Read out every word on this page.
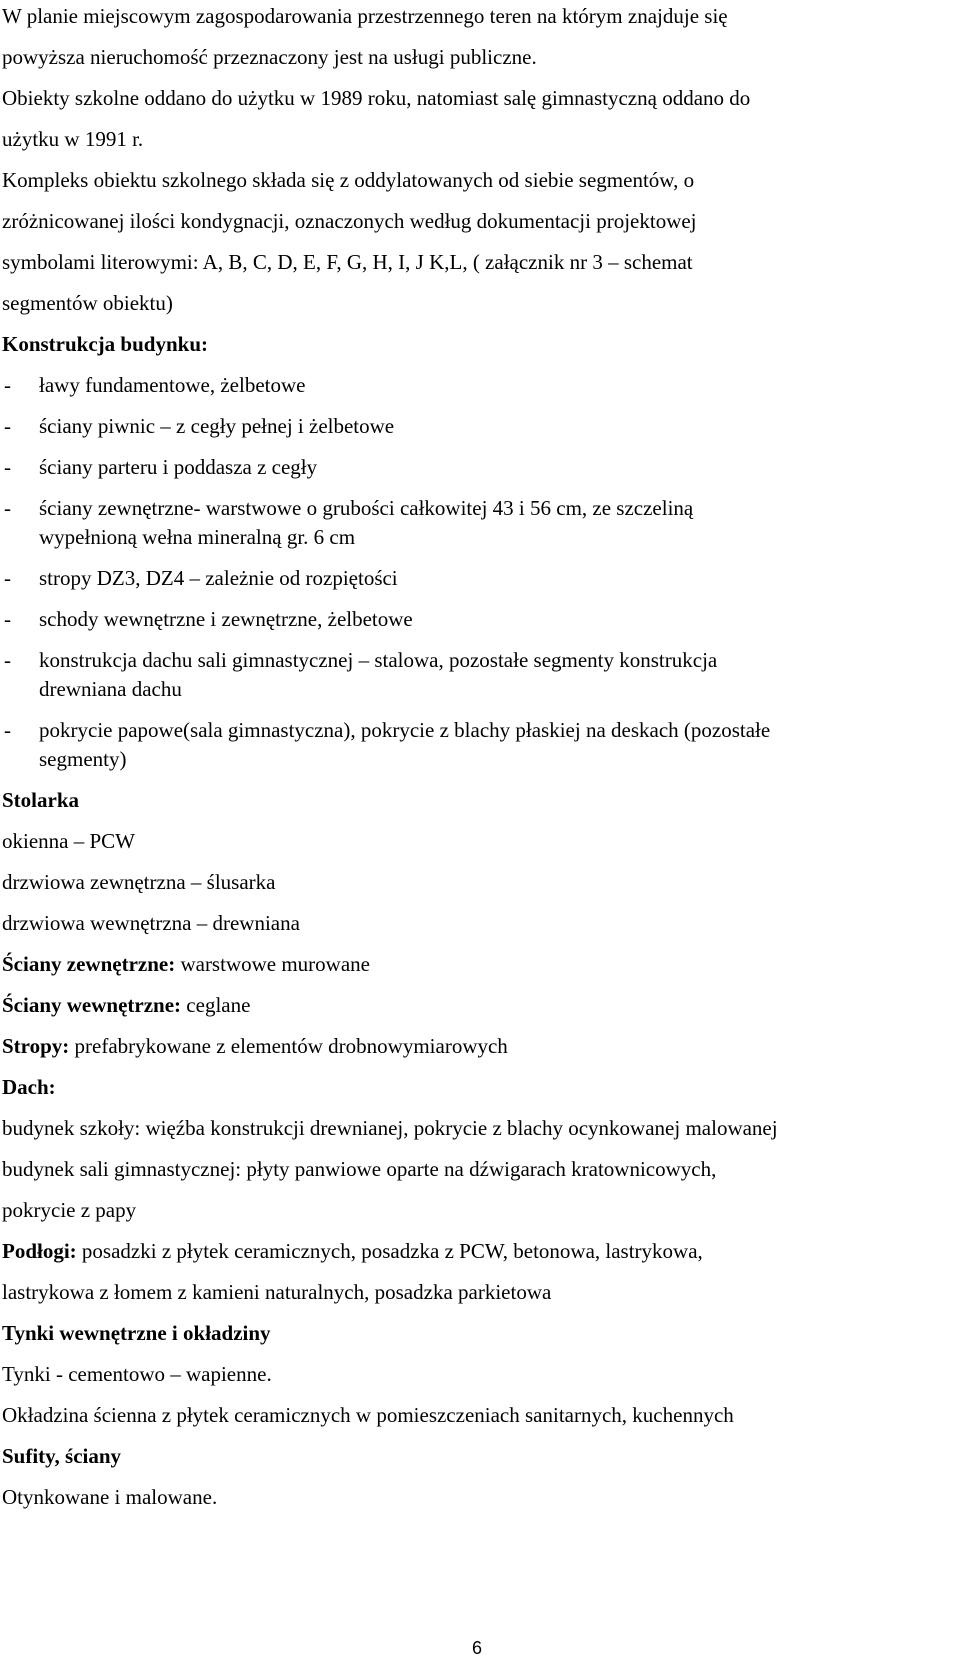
W planie miejscowym zagospodarowania przestrzennego teren na którym znajduje się
powyższa nieruchomość przeznaczony jest na usługi publiczne.
Obiekty szkolne oddano do użytku w 1989 roku, natomiast salę gimnastyczną oddano do
użytku w 1991 r.
Kompleks obiektu szkolnego składa się z oddylatowanych od siebie segmentów, o
zróżnicowanej ilości kondygnacji, oznaczonych według dokumentacji projektowej
symbolami literowymi: A, B, C, D, E, F, G, H, I, J K,L, ( załącznik nr 3 – schemat
segmentów obiektu)
Konstrukcja budynku:
- ławy fundamentowe, żelbetowe
- ściany piwnic – z cegły pełnej i żelbetowe
- ściany parteru i poddasza z cegły
- ściany zewnętrzne- warstwowe o grubości całkowitej 43 i 56 cm, ze szczeliną
wypełnioną wełna mineralną gr. 6 cm
- stropy DZ3, DZ4 – zależnie od rozpiętości
- schody wewnętrzne i zewnętrzne, żelbetowe
- konstrukcja dachu sali gimnastycznej – stalowa, pozostałe segmenty konstrukcja
drewniana dachu
- pokrycie papowe(sala gimnastyczna), pokrycie z blachy płaskiej na deskach (pozostałe
segmenty)
Stolarka
okienna – PCW
drzwiowa zewnętrzna – ślusarka
drzwiowa wewnętrzna – drewniana
Ściany zewnętrzne: warstwowe murowane
Ściany wewnętrzne: ceglane
Stropy: prefabrykowane z elementów drobnowymiarowych
Dach:
budynek szkoły: więźba konstrukcji drewnianej, pokrycie z blachy ocynkowanej malowanej
budynek sali gimnastycznej: płyty panwiowe oparte na dźwigarach kratownicowych,
pokrycie z papy
Podłogi: posadzki z płytek ceramicznych, posadzka z PCW, betonowa, lastrykowa,
lastrykowa z łomem z kamieni naturalnych, posadzka parkietowa
Tynki wewnętrzne i okładziny
Tynki - cementowo – wapienne.
Okładzina ścienna z płytek ceramicznych w pomieszczeniach sanitarnych, kuchennych
Sufity, ściany
Otynkowane i malowane.
6
